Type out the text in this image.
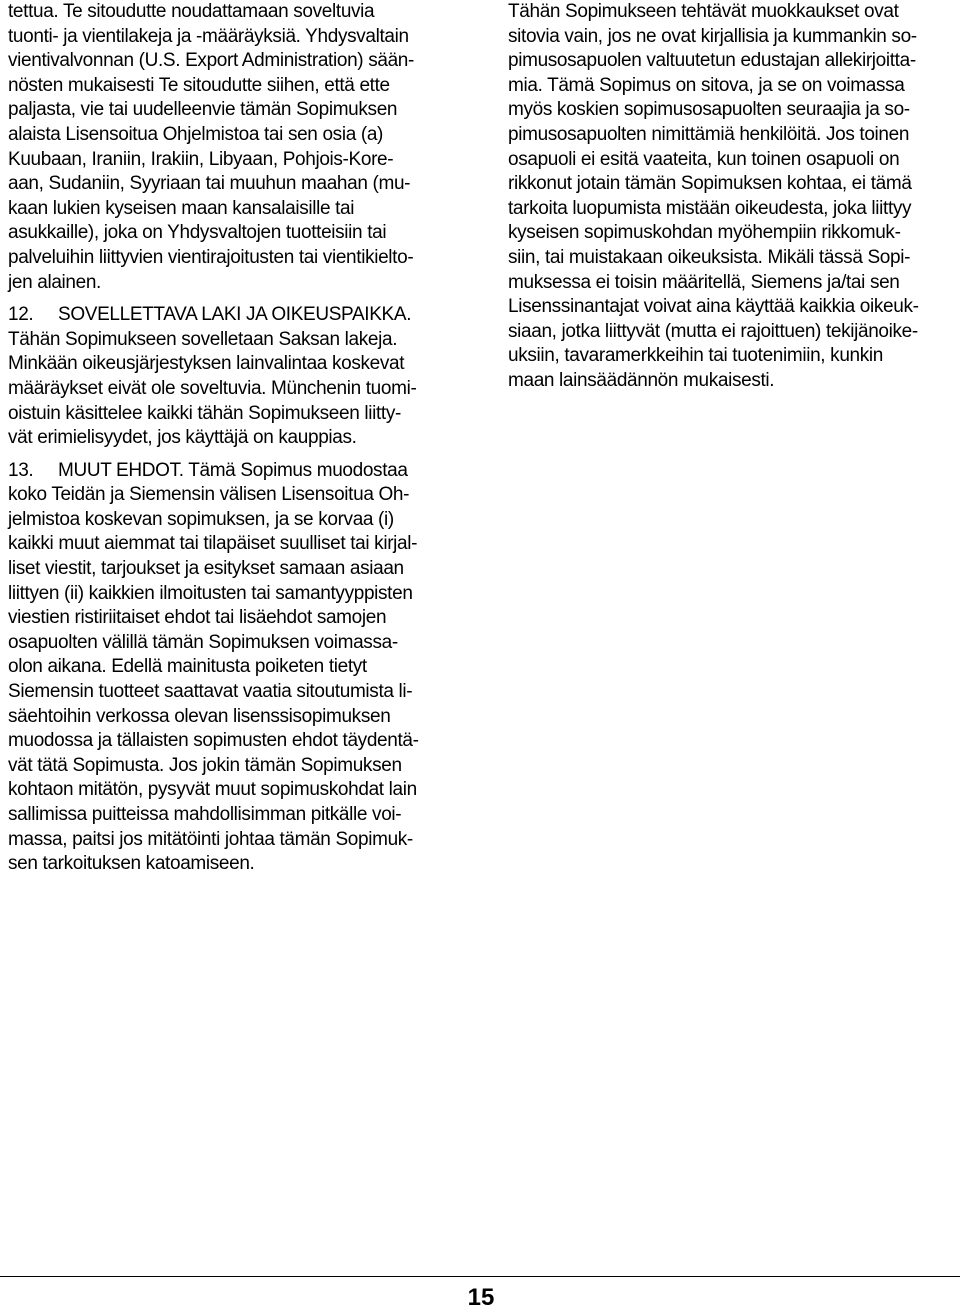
tettua. Te sitoudutte noudattamaan soveltuvia
tuonti- ja vientilakeja ja -määräyksiä. Yhdysvaltain
vientivalvonnan (U.S. Export Administration) sään-
nösten mukaisesti Te sitoudutte siihen, että ette
paljasta, vie tai uudelleenvie tämän Sopimuksen
alaista Lisensoitua Ohjelmistoa tai sen osia (a)
Kuubaan, Iraniin, Irakiin, Libyaan, Pohjois-Kore-
aan, Sudaniin, Syyriaan tai muuhun maahan (mu-
kaan lukien kyseisen maan kansalaisille tai
asukkaille), joka on Yhdysvaltojen tuotteisiin tai
palveluihin liittyvien vientirajoitusten tai vientikielto-
jen alainen.
12.	SOVELLETTAVA LAKI JA OIKEUSPAIKKA.
Tähän Sopimukseen sovelletaan Saksan lakeja.
Minkään oikeusjärjestyksen lainvalintaa koskevat
määräykset eivät ole soveltuvia. Münchenin tuomi-
oistuin käsittelee kaikki tähän Sopimukseen liitty-
vät erimielisyydet, jos käyttäjä on kauppias.
13.	MUUT EHDOT. Tämä Sopimus muodostaa
koko Teidän ja Siemensin välisen Lisensoitua Oh-
jelmistoa koskevan sopimuksen, ja se korvaa (i)
kaikki muut aiemmat tai tilapäiset suulliset tai kirjal-
liset viestit, tarjoukset ja esitykset samaan asiaan
liittyen (ii) kaikkien ilmoitusten tai samantyyppisten
viestien ristiriitaiset ehdot tai lisäehdot samojen
osapuolten välillä tämän Sopimuksen voimassa-
olon aikana. Edellä mainitusta poiketen tietyt
Siemensin tuotteet saattavat vaatia sitoutumista li-
säehtoihin verkossa olevan lisenssisopimuksen
muodossa ja tällaisten sopimusten ehdot täydentä-
vät tätä Sopimusta. Jos jokin tämän Sopimuksen
kohtaon mitätön, pysyvät muut sopimuskohdat lain
sallimissa puitteissa mahdollisimman pitkälle voi-
massa, paitsi jos mitätöinti johtaa tämän Sopimuk-
sen tarkoituksen katoamiseen.
Tähän Sopimukseen tehtävät muokkaukset ovat
sitovia vain, jos ne ovat kirjallisia ja kummankin so-
pimusosapuolen valtuutetun edustajan allekirjoitta-
mia. Tämä Sopimus on sitova, ja se on voimassa
myös koskien sopimusosapuolten seuraajia ja so-
pimusosapuolten nimittämiä henkilöitä. Jos toinen
osapuoli ei esitä vaateita, kun toinen osapuoli on
rikkonut jotain tämän Sopimuksen kohtaa, ei tämä
tarkoita luopumista mistään oikeudesta, joka liittyy
kyseisen sopimuskohdan myöhempiin rikkomuk-
siin, tai muistakaan oikeuksista. Mikäli tässä Sopi-
muksessa ei toisin määritellä, Siemens ja/tai sen
Lisenssinantajat voivat aina käyttää kaikkia oikeuk-
siaan, jotka liittyvät (mutta ei rajoittuen) tekijänoike-
uksiin, tavaramerkkeihin tai tuotenimiin, kunkin
maan lainsäädännön mukaisesti.
15
